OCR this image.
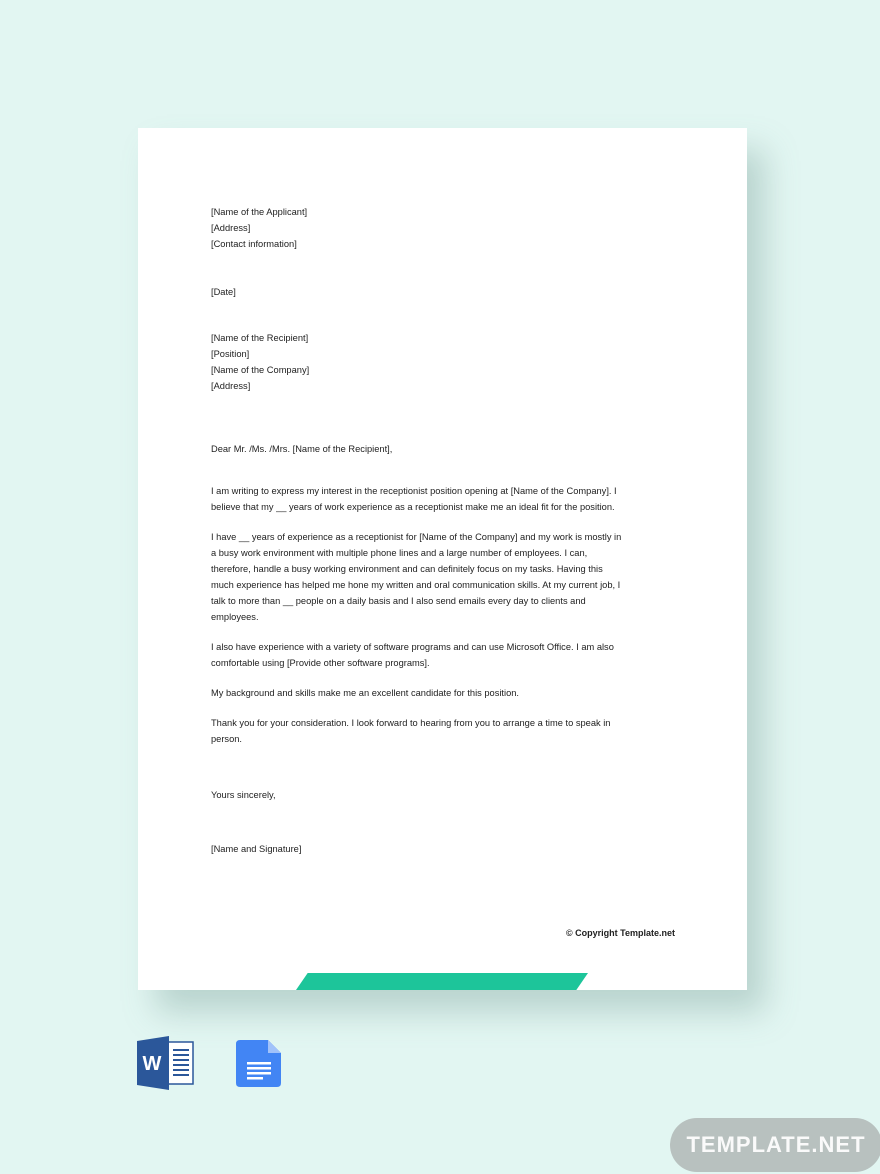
[Name of the Applicant]
[Address]
[Contact information]
[Date]
[Name of the Recipient]
[Position]
[Name of the Company]
[Address]
Dear Mr. /Ms. /Mrs. [Name of the Recipient],

I am writing to express my interest in the receptionist position opening at [Name of the Company]. I
believe that my __ years of work experience as a receptionist make me an ideal fit for the position.

I have __ years of experience as a receptionist for [Name of the Company] and my work is mostly in
a busy work environment with multiple phone lines and a large number of employees. I can,
therefore, handle a busy working environment and can definitely focus on my tasks. Having this
much experience has helped me hone my written and oral communication skills. At my current job, I
talk to more than __ people on a daily basis and I also send emails every day to clients and
employees.

I also have experience with a variety of software programs and can use Microsoft Office. I am also
comfortable using [Provide other software programs].

My background and skills make me an excellent candidate for this position.

Thank you for your consideration. I look forward to hearing from you to arrange a time to speak in
person.

Yours sincerely,
[Name and Signature]
© Copyright Template.net
W
TEMPLATE.NET
